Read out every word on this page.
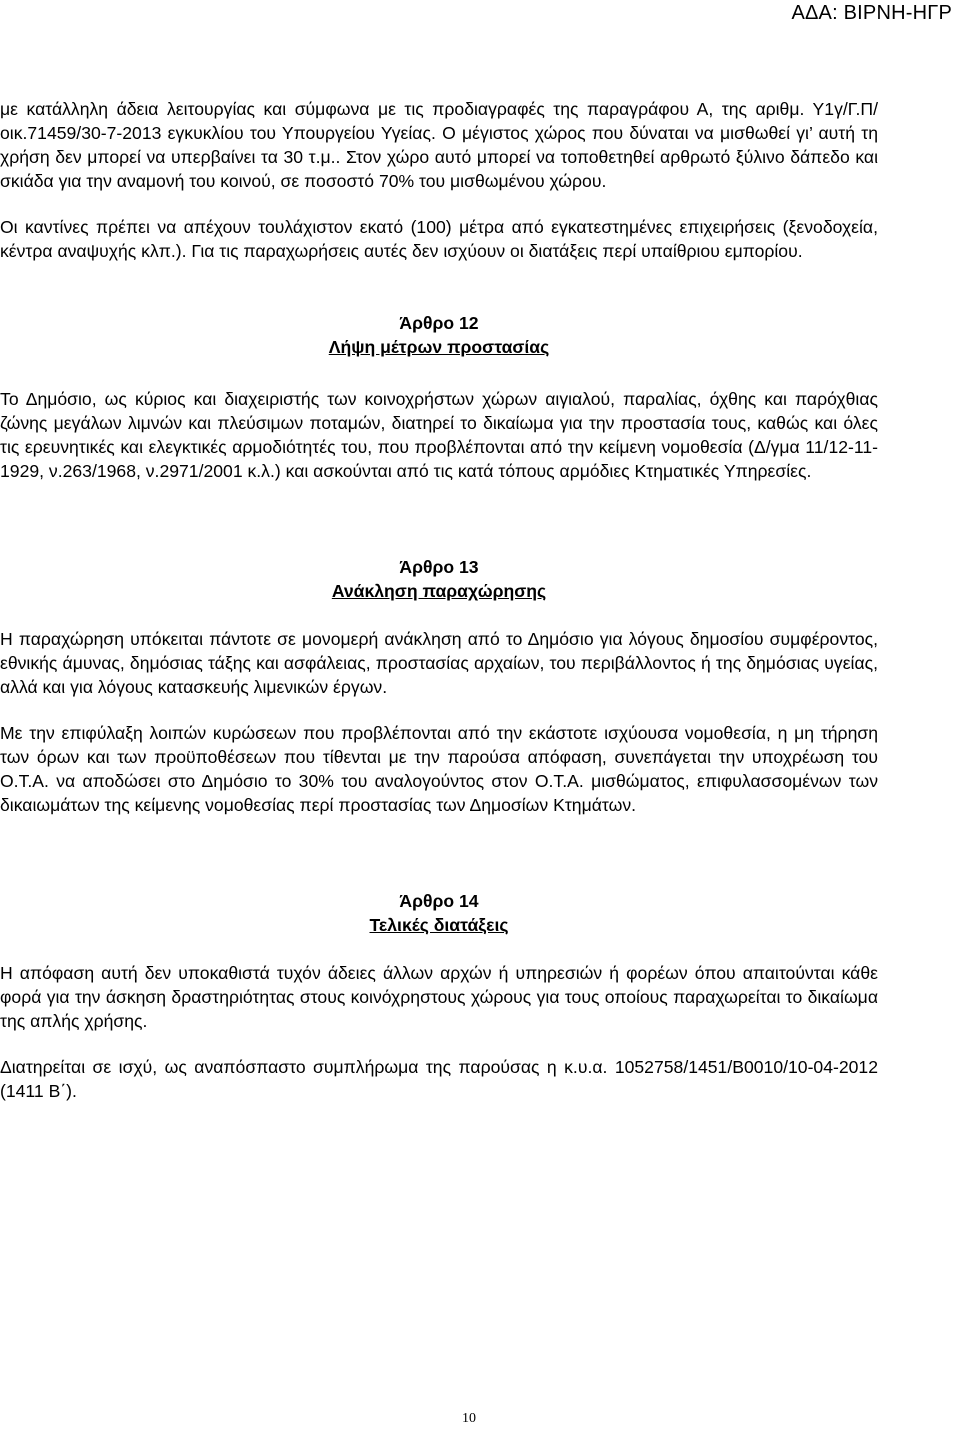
ΑΔΑ: ΒΙΡΝΗ-ΗΓΡ

με κατάλληλη άδεια λειτουργίας και σύμφωνα με τις προδιαγραφές της παραγράφου Α, της αριθμ. Υ1γ/Γ.Π/οικ.71459/30-7-2013 εγκυκλίου του Υπουργείου Υγείας. Ο μέγιστος χώρος που δύναται να μισθωθεί γι’ αυτή τη χρήση δεν μπορεί να υπερβαίνει τα 30 τ.μ.. Στον χώρο αυτό μπορεί να τοποθετηθεί αρθρωτό ξύλινο δάπεδο και σκιάδα για την αναμονή του κοινού, σε ποσοστό 70% του μισθωμένου χώρου.

Οι καντίνες πρέπει να απέχουν τουλάχιστον εκατό (100) μέτρα από εγκατεστημένες επιχειρήσεις (ξενοδοχεία, κέντρα αναψυχής κλπ.). Για τις παραχωρήσεις αυτές δεν ισχύουν οι διατάξεις περί υπαίθριου εμπορίου.

Άρθρο 12
Λήψη μέτρων προστασίας

Το Δημόσιο, ως κύριος και διαχειριστής των κοινοχρήστων χώρων αιγιαλού, παραλίας, όχθης και παρόχθιας ζώνης μεγάλων λιμνών και πλεύσιμων ποταμών, διατηρεί το δικαίωμα για την προστασία τους, καθώς και όλες τις ερευνητικές και ελεγκτικές αρμοδιότητές του, που προβλέπονται από την κείμενη νομοθεσία (Δ/γμα 11/12-11-1929, ν.263/1968, ν.2971/2001 κ.λ.) και ασκούνται από τις κατά τόπους αρμόδιες Κτηματικές Υπηρεσίες.

Άρθρο 13
Ανάκληση παραχώρησης

Η παραχώρηση υπόκειται πάντοτε σε μονομερή ανάκληση από το Δημόσιο για λόγους δημοσίου συμφέροντος, εθνικής άμυνας, δημόσιας τάξης και ασφάλειας, προστασίας αρχαίων, του περιβάλλοντος ή της δημόσιας υγείας, αλλά και για λόγους κατασκευής λιμενικών έργων.

Με την επιφύλαξη λοιπών κυρώσεων που προβλέπονται από την εκάστοτε ισχύουσα νομοθεσία, η μη τήρηση των όρων και των προϋποθέσεων που τίθενται με την παρούσα απόφαση, συνεπάγεται την υποχρέωση του Ο.Τ.Α. να αποδώσει στο Δημόσιο το 30% του αναλογούντος στον Ο.Τ.Α. μισθώματος, επιφυλασσομένων των δικαιωμάτων της κείμενης νομοθεσίας περί προστασίας των Δημοσίων Κτημάτων.

Άρθρο 14
Τελικές διατάξεις

Η απόφαση αυτή δεν υποκαθιστά τυχόν άδειες άλλων αρχών ή υπηρεσιών ή φορέων όπου απαιτούνται κάθε φορά για την άσκηση δραστηριότητας στους κοινόχρηστους χώρους για τους οποίους παραχωρείται το δικαίωμα της απλής χρήσης.

Διατηρείται σε ισχύ, ως αναπόσπαστο συμπλήρωμα της παρούσας η κ.υ.α. 1052758/1451/Β0010/10-04-2012 (1411 Β΄).

10
